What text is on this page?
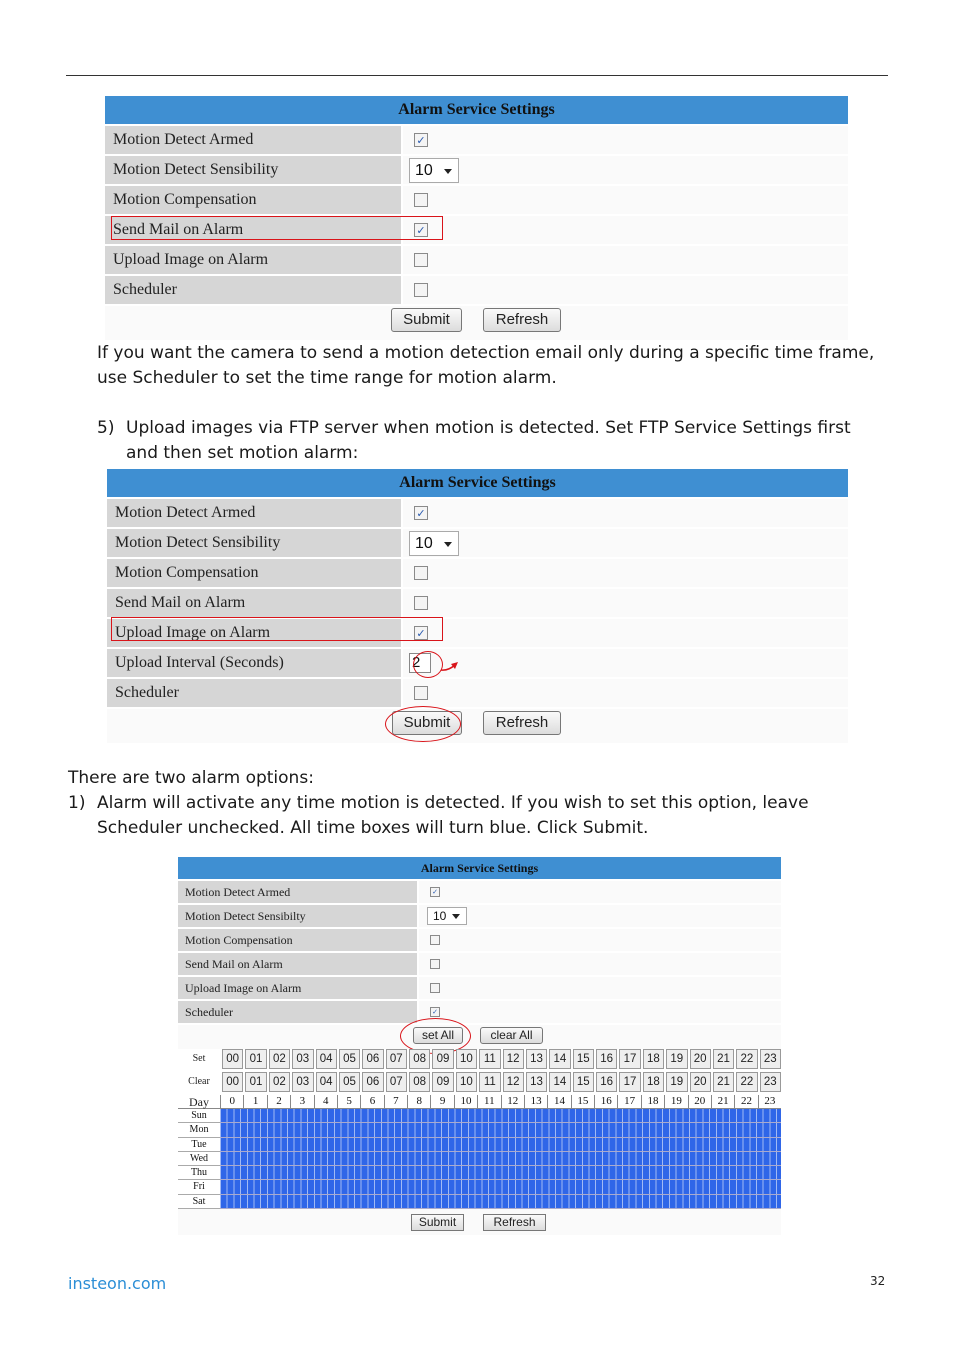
Alarm Service Settings
Motion Detect Armed	✓
Motion Detect Sensibility	10
Motion Compensation
Send Mail on Alarm	✓
Upload Image on Alarm
Scheduler
Submit	Refresh
If you want the camera to send a motion detection email only during a specific time frame, use Scheduler to set the time range for motion alarm.
5) Upload images via FTP server when motion is detected. Set FTP Service Settings first and then set motion alarm:
Alarm Service Settings
Motion Detect Armed	✓
Motion Detect Sensibility	10
Motion Compensation
Send Mail on Alarm
Upload Image on Alarm	✓
Upload Interval (Seconds)	2
Scheduler
Submit	Refresh
There are two alarm options:
1) Alarm will activate any time motion is detected. If you wish to set this option, leave Scheduler unchecked. All time boxes will turn blue. Click Submit.
Alarm Service Settings
Motion Detect Armed	✓
Motion Detect Sensibilty	10
Motion Compensation
Send Mail on Alarm
Upload Image on Alarm
Scheduler	✓
set All	clear All
Set	00 01 02 03 04 05 06 07 08 09 10 11 12 13 14 15 16 17 18 19 20 21 22 23
Clear	00 01 02 03 04 05 06 07 08 09 10 11 12 13 14 15 16 17 18 19 20 21 22 23
Day	0	1	2	3	4	5	6	7	8	9	10	11	12	13	14	15	16	17	18	19	20	21	22	23
Sun
Mon
Tue
Wed
Thu
Fri
Sat
Submit	Refresh
insteon.com	32
